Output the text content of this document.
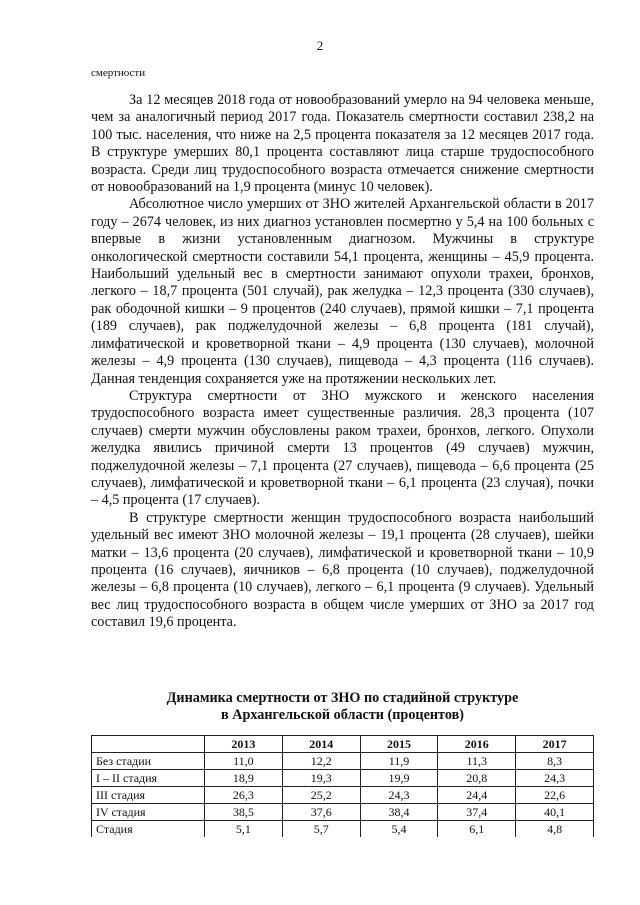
2
смертности

За 12 месяцев 2018 года от новообразований умерло на 94 человека меньше, чем за аналогичный период 2017 года. Показатель смертности составил 238,2 на 100 тыс. населения, что ниже на 2,5 процента показателя за 12 месяцев 2017 года. В структуре умерших 80,1 процента составляют лица старше трудоспособного возраста. Среди лиц трудоспособного возраста отмечается снижение смертности от новообразований на 1,9 процента (минус 10 человек).

Абсолютное число умерших от ЗНО жителей Архангельской области в 2017 году – 2674 человек, из них диагноз установлен посмертно у 5,4 на 100 больных с впервые в жизни установленным диагнозом. Мужчины в структуре онкологической смертности составили 54,1 процента, женщины – 45,9 процента. Наибольший удельный вес в смертности занимают опухоли трахеи, бронхов, легкого – 18,7 процента (501 случай), рак желудка – 12,3 процента (330 случаев), рак ободочной кишки – 9 процентов (240 случаев), прямой кишки – 7,1 процента (189 случаев), рак поджелудочной железы – 6,8 процента (181 случай), лимфатической и кроветворной ткани – 4,9 процента (130 случаев), молочной железы – 4,9 процента (130 случаев), пищевода – 4,3 процента (116 случаев). Данная тенденция сохраняется уже на протяжении нескольких лет.

Структура смертности от ЗНО мужского и женского населения трудоспособного возраста имеет существенные различия. 28,3 процента (107 случаев) смерти мужчин обусловлены раком трахеи, бронхов, легкого. Опухоли желудка явились причиной смерти 13 процентов (49 случаев) мужчин, поджелудочной железы – 7,1 процента (27 случаев), пищевода – 6,6 процента (25 случаев), лимфатической и кроветворной ткани – 6,1 процента (23 случая), почки – 4,5 процента (17 случаев).

В структуре смертности женщин трудоспособного возраста наибольший удельный вес имеют ЗНО молочной железы – 19,1 процента (28 случаев), шейки матки – 13,6 процента (20 случаев), лимфатической и кроветворной ткани – 10,9 процента (16 случаев), яичников – 6,8 процента (10 случаев), поджелудочной железы – 6,8 процента (10 случаев), легкого – 6,1 процента (9 случаев). Удельный вес лиц трудоспособного возраста в общем числе умерших от ЗНО за 2017 год составил 19,6 процента.

Динамика смертности от ЗНО по стадийной структуре
в Архангельской области (процентов)
	2013	2014	2015	2016	2017
Без стадии	11,0	12,2	11,9	11,3	8,3
I – II стадия	18,9	19,3	19,9	20,8	24,3
III стадия	26,3	25,2	24,3	24,4	22,6
IV стадия	38,5	37,6	38,4	37,4	40,1
Стадия	5,1	5,7	5,4	6,1	4,8
